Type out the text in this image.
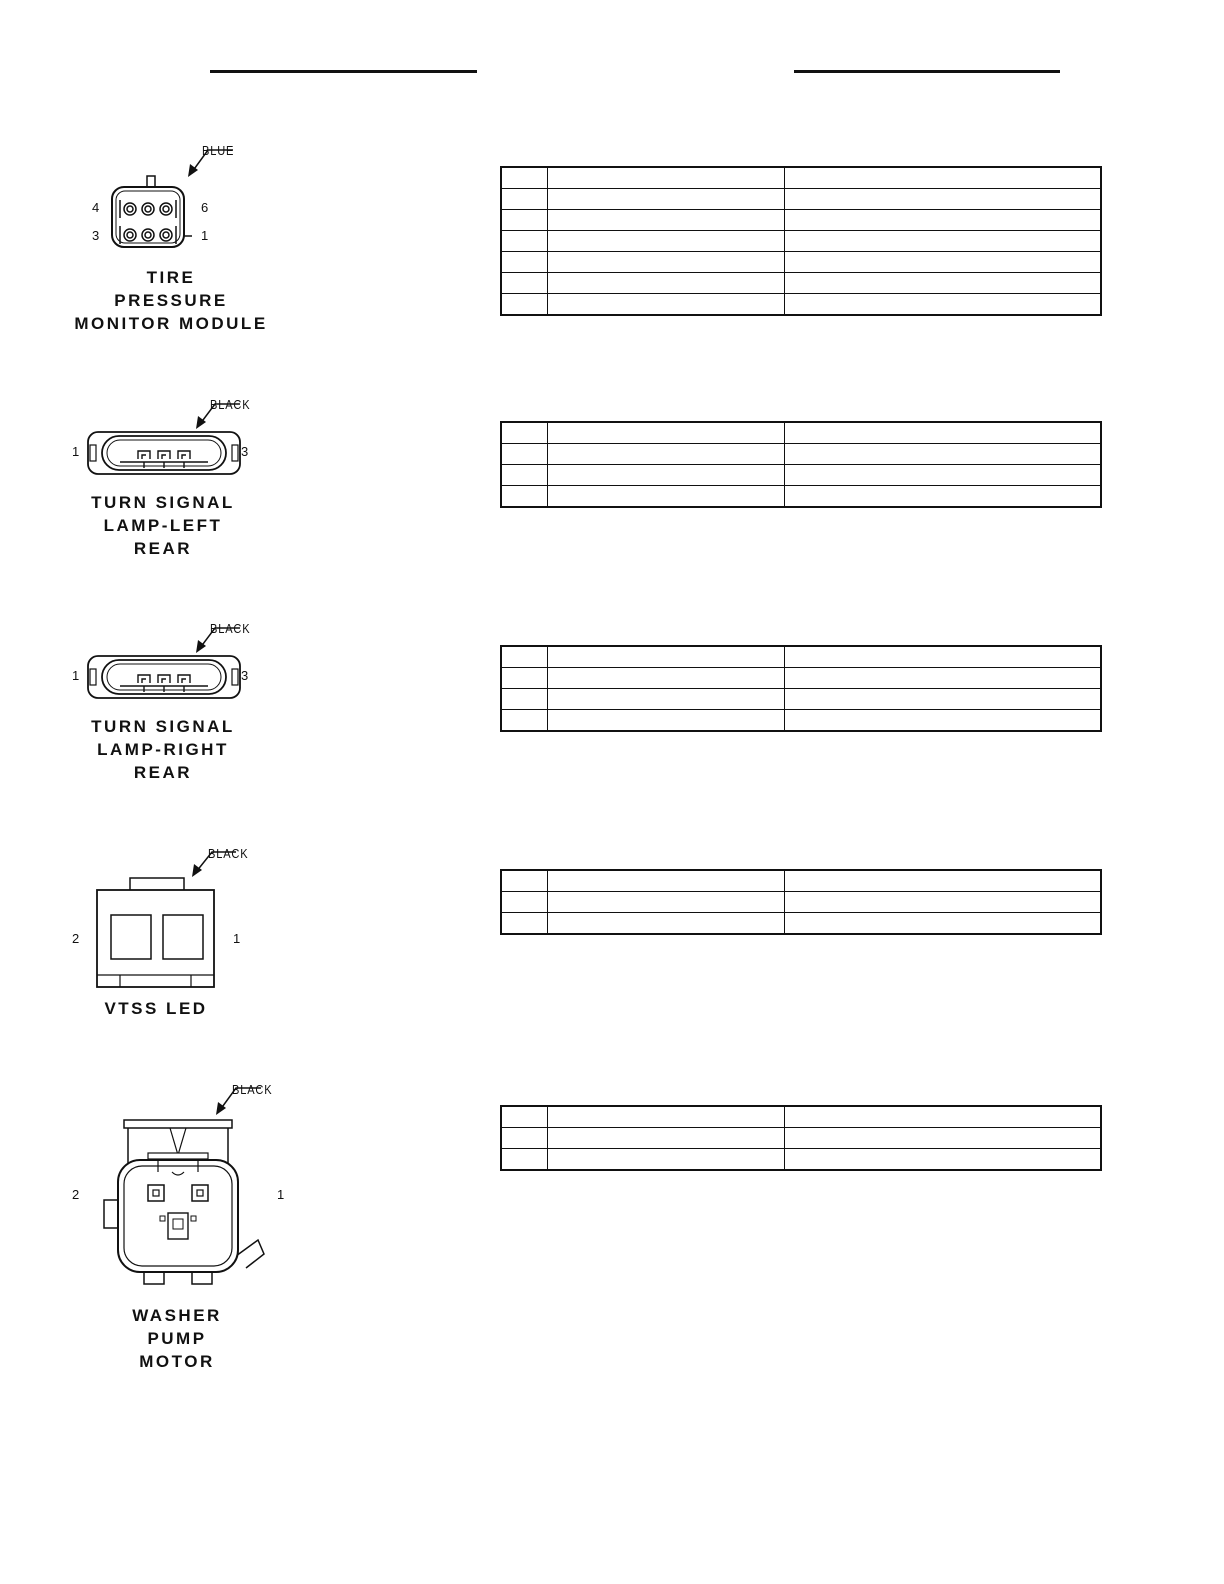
BLUE
4	6
3	1
TIRE
PRESSURE
MONITOR MODULE

BLACK
1	3
TURN SIGNAL
LAMP-LEFT
REAR

BLACK
1	3
TURN SIGNAL
LAMP-RIGHT
REAR

BLACK
2	1
VTSS LED

BLACK
2	1
WASHER
PUMP
MOTOR
